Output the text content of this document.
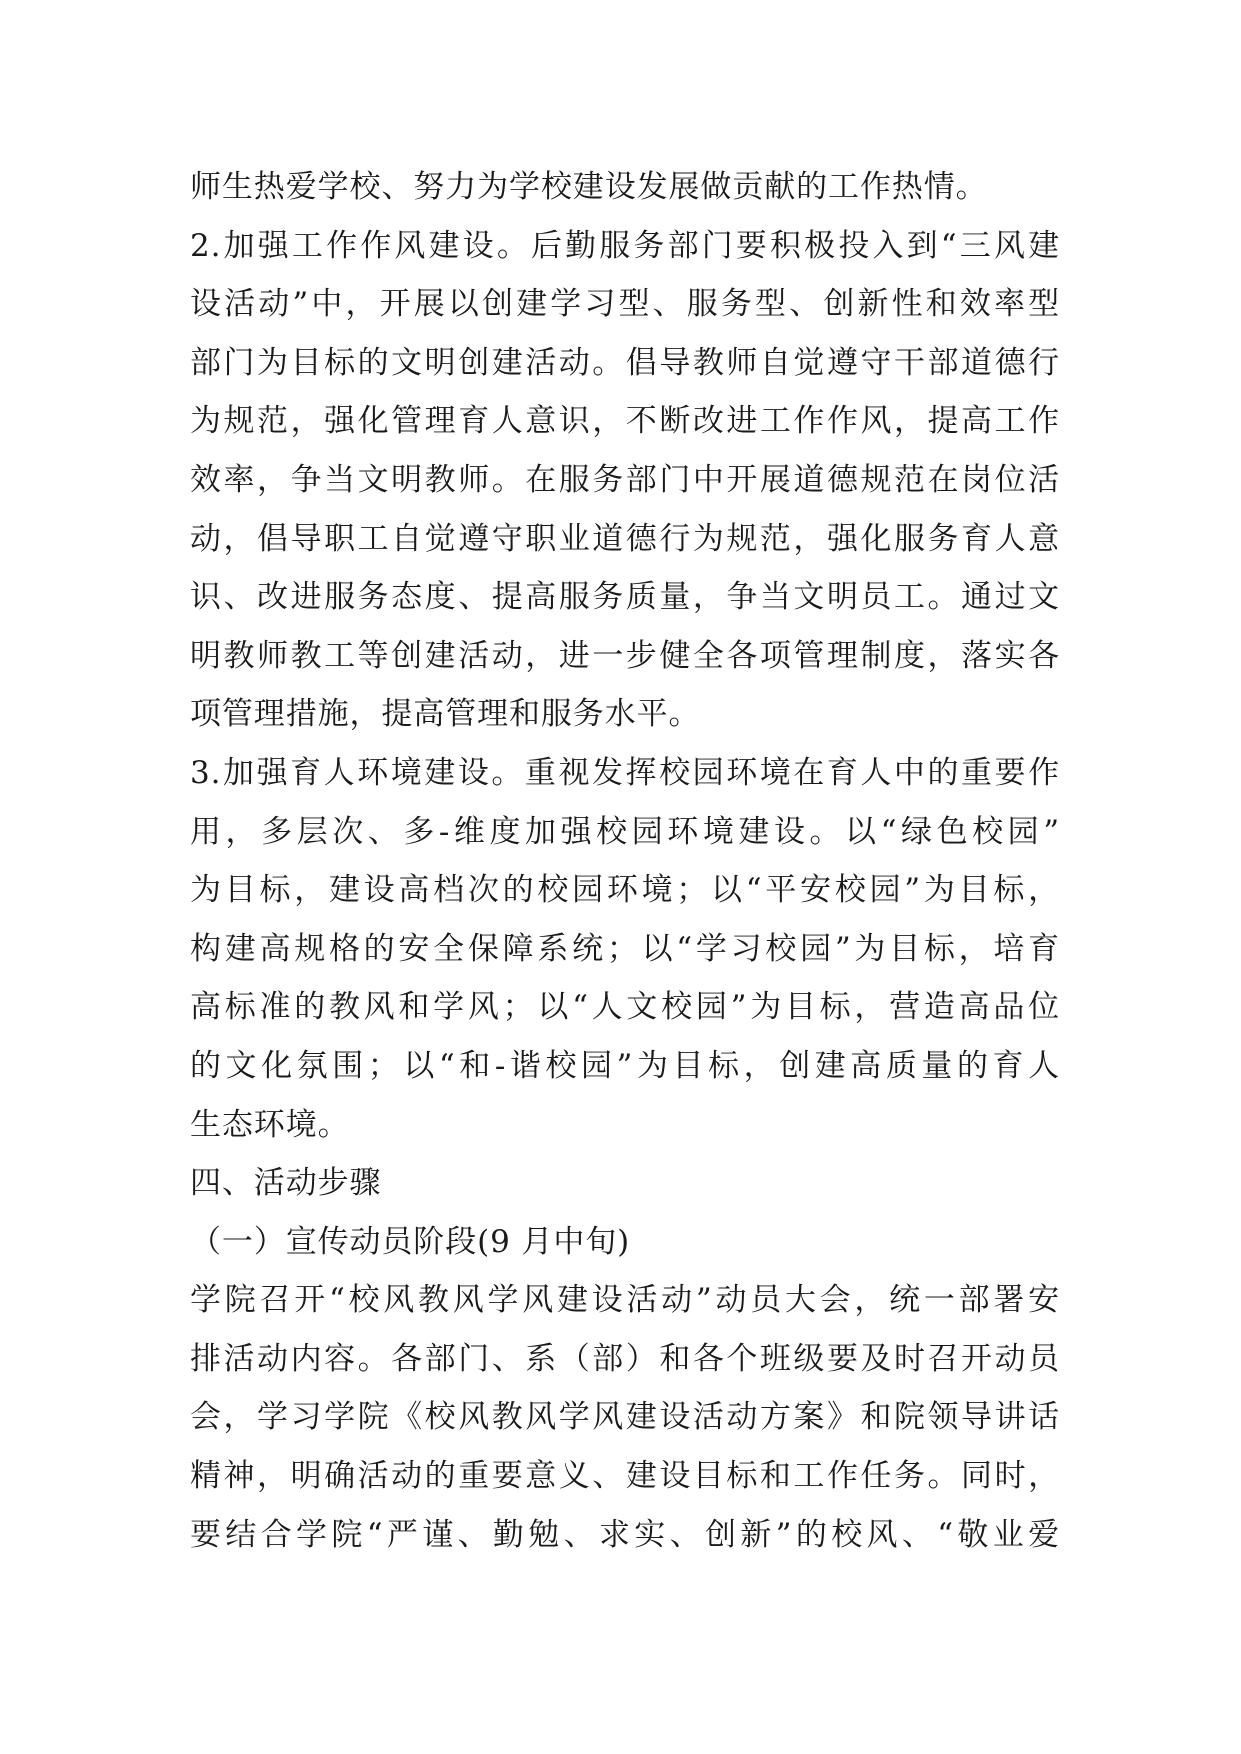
师生热爱学校、努力为学校建设发展做贡献的工作热情。
2.加强工作作风建设。后勤服务部门要积极投入到“三风建
设活动”中，开展以创建学习型、服务型、创新性和效率型
部门为目标的文明创建活动。倡导教师自觉遵守干部道德行
为规范，强化管理育人意识，不断改进工作作风，提高工作
效率，争当文明教师。在服务部门中开展道德规范在岗位活
动，倡导职工自觉遵守职业道德行为规范，强化服务育人意
识、改进服务态度、提高服务质量，争当文明员工。通过文
明教师教工等创建活动，进一步健全各项管理制度，落实各
项管理措施，提高管理和服务水平。
3.加强育人环境建设。重视发挥校园环境在育人中的重要作
用，多层次、多-维度加强校园环境建设。以“绿色校园”
为目标，建设高档次的校园环境；以“平安校园”为目标，
构建高规格的安全保障系统；以“学习校园”为目标，培育
高标准的教风和学风；以“人文校园”为目标，营造高品位
的文化氛围；以“和-谐校园”为目标，创建高质量的育人
生态环境。
四、活动步骤
（一）宣传动员阶段(9 月中旬)
学院召开“校风教风学风建设活动”动员大会，统一部署安
排活动内容。各部门、系（部）和各个班级要及时召开动员
会，学习学院《校风教风学风建设活动方案》和院领导讲话
精神，明确活动的重要意义、建设目标和工作任务。同时，
要结合学院“严谨、勤勉、求实、创新”的校风、“敬业爱
